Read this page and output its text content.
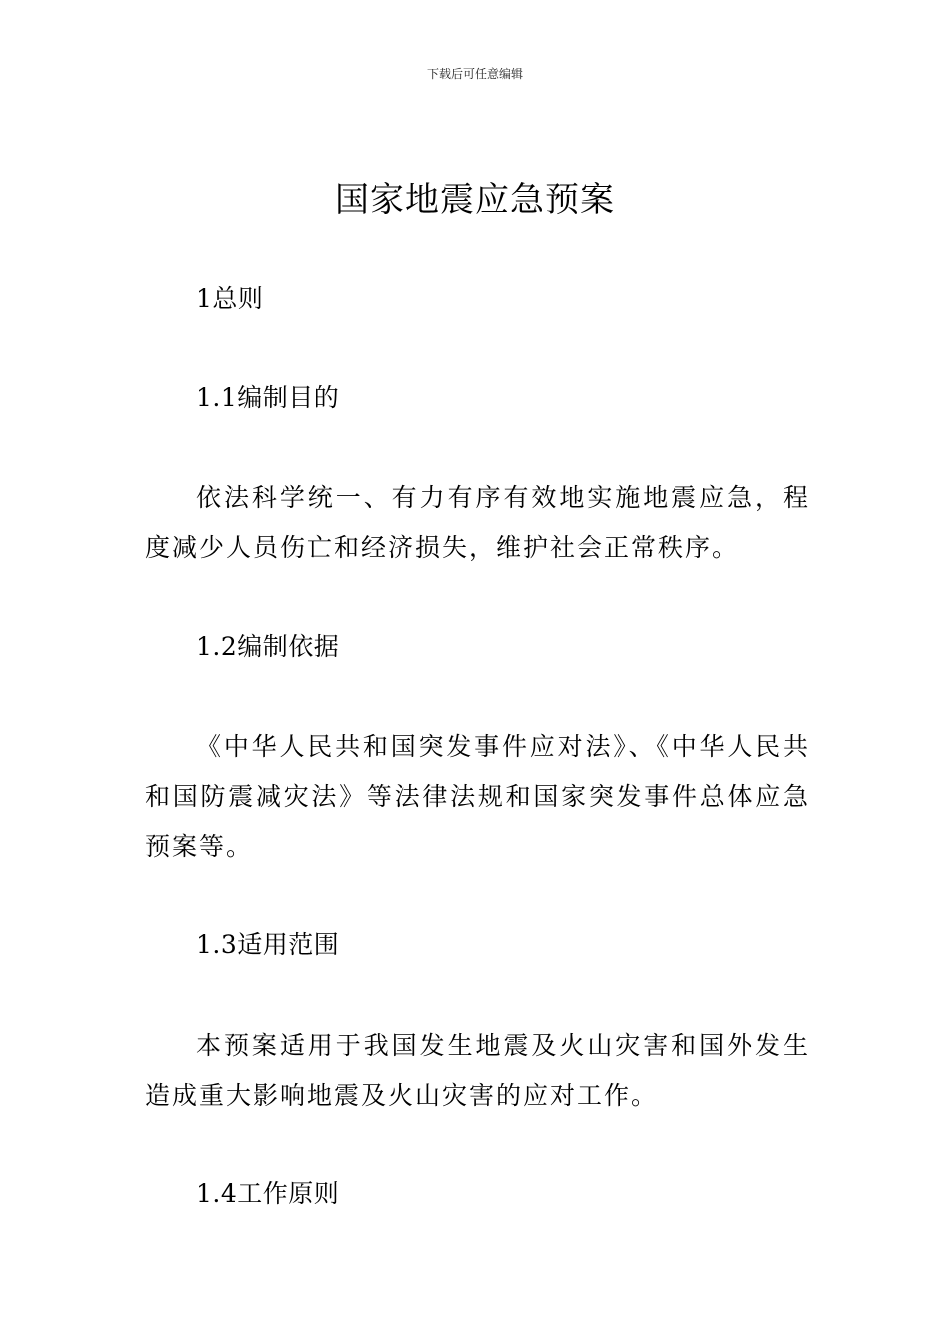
下载后可任意编辑
国家地震应急预案
1总则
1.1编制目的
依法科学统一、有力有序有效地实施地震应急，程度减少人员伤亡和经济损失，维护社会正常秩序。
1.2编制依据
《中华人民共和国突发事件应对法》、《中华人民共和国防震减灾法》等法律法规和国家突发事件总体应急预案等。
1.3适用范围
本预案适用于我国发生地震及火山灾害和国外发生造成重大影响地震及火山灾害的应对工作。
1.4工作原则
